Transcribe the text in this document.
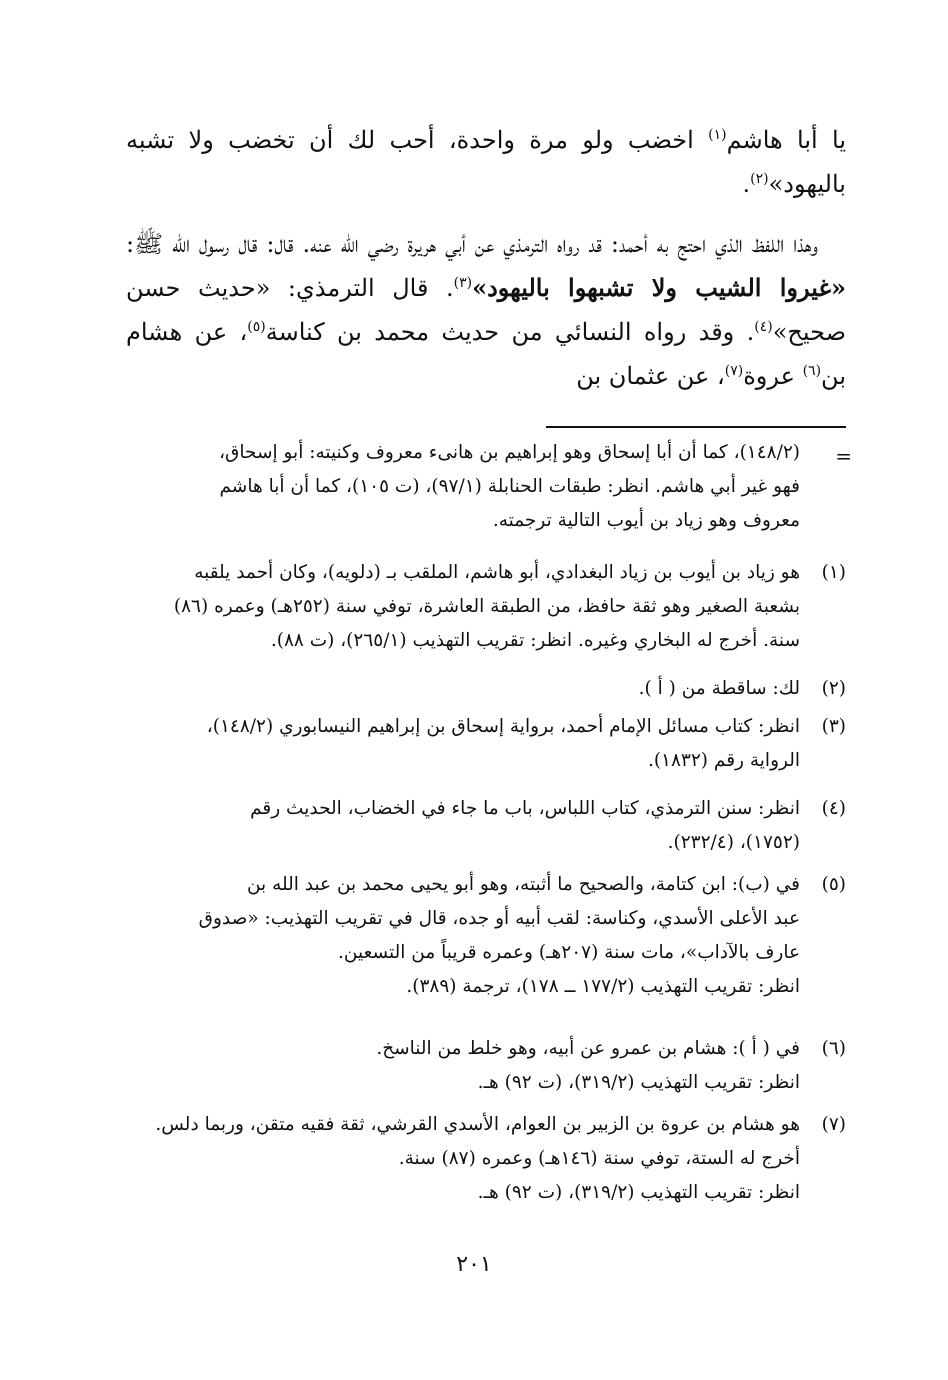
يا أبا هاشم$^{(١)}$ اخضب ولو مرة واحدة، أحب لك أن تخضب ولا تشبه باليهود»$^{(٢)}$.

وهذا اللفظ الذي احتج به أحمد: قد رواه الترمذي عن أبي هريرة رضي الله عنه. قال: قال رسول الله ﷺ: «غيروا الشيب ولا تشبهوا باليهود»$^{(٣)}$. قال الترمذي: «حديث حسن صحيح»$^{(٤)}$. وقد رواه النسائي من حديث محمد بن كناسة$^{(٥)}$، عن هشام بن$^{(٦)}$ عروة$^{(٧)}$، عن عثمان بن

=
(١٤٨/٢)، كما أن أبا إسحاق وهو إبراهيم بن هانىء معروف وكنيته: أبو إسحاق،
فهو غير أبي هاشم. انظر: طبقات الحنابلة (٩٧/١)، (ت ١٠٥)، كما أن أبا هاشم
معروف وهو زياد بن أيوب التالية ترجمته.
(١)
هو زياد بن أيوب بن زياد البغدادي، أبو هاشم، الملقب بـ (دلويه)، وكان أحمد يلقبه
بشعبة الصغير وهو ثقة حافظ، من الطبقة العاشرة، توفي سنة (٢٥٢هـ) وعمره (٨٦)
سنة. أخرج له البخاري وغيره. انظر: تقريب التهذيب (٢٦٥/١)، (ت ٨٨).
(٢)
لك: ساقطة من ( أ ).
(٣)
انظر: كتاب مسائل الإمام أحمد، برواية إسحاق بن إبراهيم النيسابوري (١٤٨/٢)،
الرواية رقم (١٨٣٢).
(٤)
انظر: سنن الترمذي، كتاب اللباس، باب ما جاء في الخضاب، الحديث رقم
(١٧٥٢)، (٢٣٢/٤).
(٥)
في (ب): ابن كتامة، والصحيح ما أثبته، وهو أبو يحيى محمد بن عبد الله بن
عبد الأعلى الأسدي، وكناسة: لقب أبيه أو جده، قال في تقريب التهذيب: «صدوق
عارف بالآداب»، مات سنة (٢٠٧هـ) وعمره قريباً من التسعين.
انظر: تقريب التهذيب (١٧٧/٢ ــ ١٧٨)، ترجمة (٣٨٩).
(٦)
في ( أ ): هشام بن عمرو عن أبيه، وهو خلط من الناسخ.
انظر: تقريب التهذيب (٣١٩/٢)، (ت ٩٢) هـ.
(٧)
هو هشام بن عروة بن الزبير بن العوام، الأسدي القرشي، ثقة فقيه متقن، وربما دلس.
أخرج له الستة، توفي سنة (١٤٦هـ) وعمره (٨٧) سنة.
انظر: تقريب التهذيب (٣١٩/٢)، (ت ٩٢) هـ.
٢٠١
